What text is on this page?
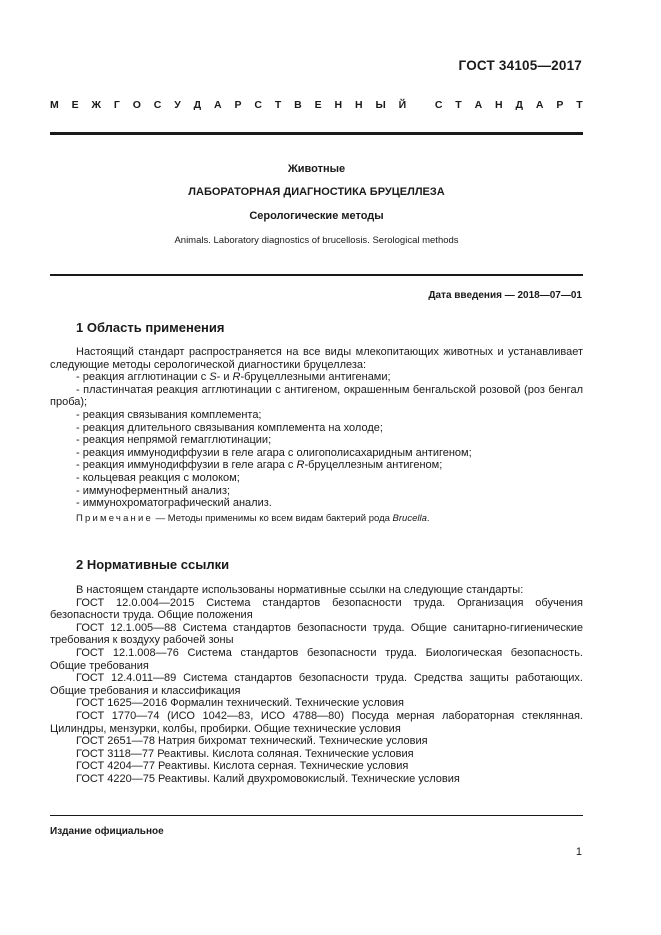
ГОСТ 34105—2017
М Е Ж Г О С У Д А Р С Т В Е Н Н Ы Й
	С Т А Н Д А Р Т
Животные
ЛАБОРАТОРНАЯ ДИАГНОСТИКА БРУЦЕЛЛЕЗА
Серологические методы
Animals. Laboratory diagnostics of brucellosis. Serological methods
Дата введения — 2018—07—01
1 Область применения

Настоящий стандарт распространяется на все виды млекопитающих животных и устанавливает следующие методы серологической диагностики бруцеллеза:

- реакция агглютинации с S- и R-бруцеллезными антигенами;

- пластинчатая реакция агглютинации с антигеном, окрашенным бенгальской розовой (роз бенгал проба);

- реакция связывания комплемента;

- реакция длительного связывания комплемента на холоде;

- реакция непрямой гемагглютинации;

- реакция иммунодиффузии в геле агара с олигополисахаридным антигеном;

- реакция иммунодиффузии в геле агара с R-бруцеллезным антигеном;

- кольцевая реакция с молоком;

- иммуноферментный анализ;

- иммунохроматографический анализ.

Примечание — Методы применимы ко всем видам бактерий рода Brucella.

2 Нормативные ссылки

В настоящем стандарте использованы нормативные ссылки на следующие стандарты:

ГОСТ 12.0.004—2015 Система стандартов безопасности труда. Организация обучения безопасности труда. Общие положения

ГОСТ 12.1.005—88 Система стандартов безопасности труда. Общие санитарно-гигиенические требования к воздуху рабочей зоны

ГОСТ 12.1.008—76 Система стандартов безопасности труда. Биологическая безопасность. Общие требования

ГОСТ 12.4.011—89 Система стандартов безопасности труда. Средства защиты работающих. Общие требования и классификация

ГОСТ 1625—2016 Формалин технический. Технические условия

ГОСТ 1770—74 (ИСО 1042—83, ИСО 4788—80) Посуда мерная лабораторная стеклянная. Цилиндры, мензурки, колбы, пробирки. Общие технические условия

ГОСТ 2651—78 Натрия бихромат технический. Технические условия

ГОСТ 3118—77 Реактивы. Кислота соляная. Технические условия

ГОСТ 4204—77 Реактивы. Кислота серная. Технические условия

ГОСТ 4220—75 Реактивы. Калий двухромовокислый. Технические условия

Издание официальное
1
